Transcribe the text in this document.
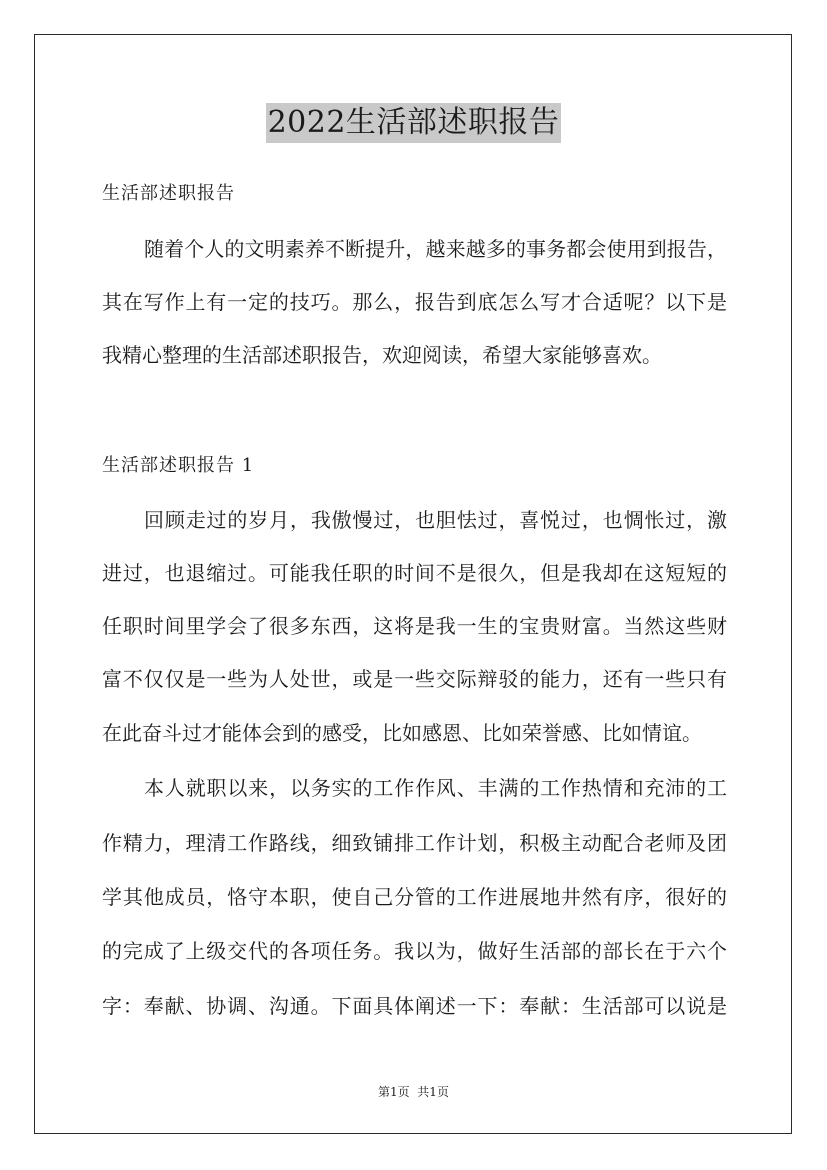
2022生活部述职报告
生活部述职报告
随着个人的文明素养不断提升，越来越多的事务都会使用到报告，
其在写作上有一定的技巧。那么，报告到底怎么写才合适呢？以下是
我精心整理的生活部述职报告，欢迎阅读，希望大家能够喜欢。
生活部述职报告 1
回顾走过的岁月，我傲慢过，也胆怯过，喜悦过，也惆怅过，激
进过，也退缩过。可能我任职的时间不是很久，但是我却在这短短的
任职时间里学会了很多东西，这将是我一生的宝贵财富。当然这些财
富不仅仅是一些为人处世，或是一些交际辩驳的能力，还有一些只有
在此奋斗过才能体会到的感受，比如感恩、比如荣誉感、比如情谊。
本人就职以来，以务实的工作作风、丰满的工作热情和充沛的工
作精力，理清工作路线，细致铺排工作计划，积极主动配合老师及团
学其他成员，恪守本职，使自己分管的工作进展地井然有序，很好的
的完成了上级交代的各项任务。我以为，做好生活部的部长在于六个
字：奉献、协调、沟通。下面具体阐述一下：奉献：生活部可以说是
第1页  共1页
